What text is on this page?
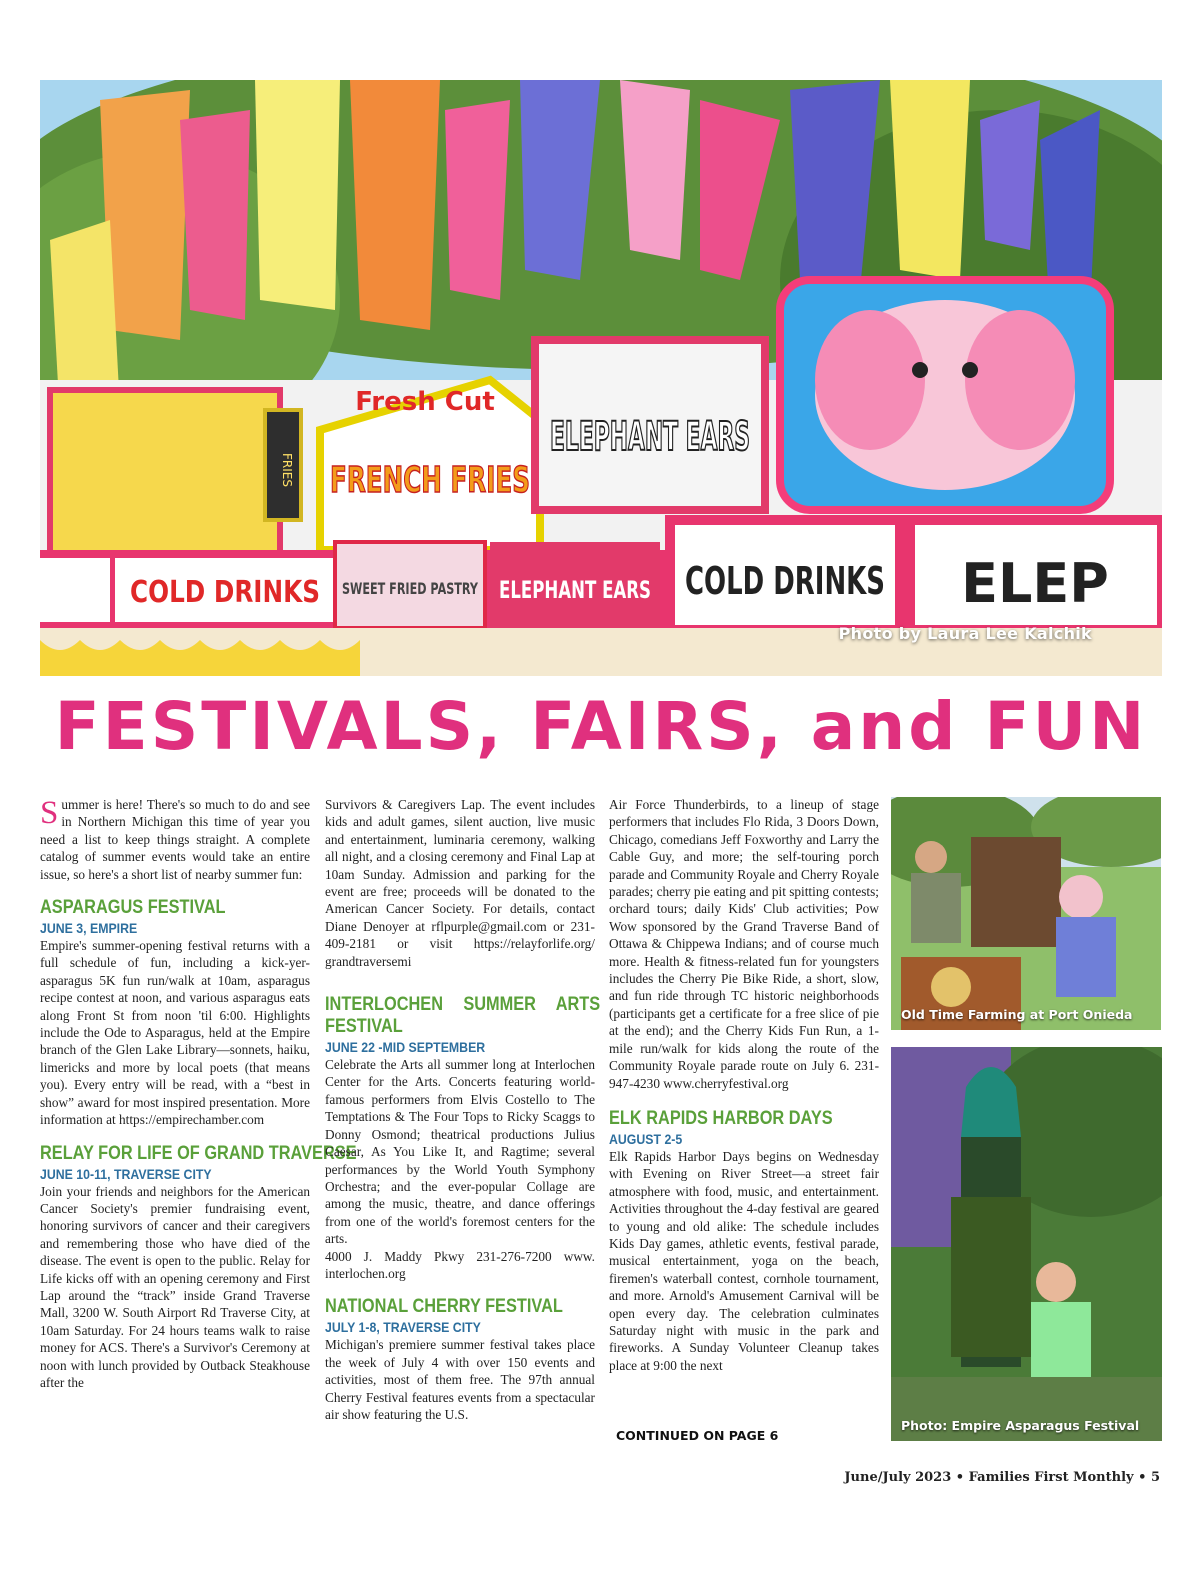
Fresh Cut
FRENCH FRIES
FRIES
ELEPHANT EARS
COLD DRINKS SWEET FRIED PASTRY ELEPHANT EARS COLD DRINKS ELEP
Photo by Laura Lee Kalchik
FESTIVALS, FAIRS, and FUN

Summer is here! There's so much to do and see in Northern Michigan this time of year you need a list to keep things straight. A complete catalog of summer events would take an entire issue, so here's a short list of nearby summer fun:

ASPARAGUS FESTIVAL
JUNE 3, EMPIRE

Empire's summer-opening festival returns with a full schedule of fun, including a kick-yer-asparagus 5K fun run/walk at 10am, asparagus recipe contest at noon, and various asparagus eats along Front St from noon 'til 6:00. Highlights include the Ode to Asparagus, held at the Empire branch of the Glen Lake Library—sonnets, haiku, limericks and more by local poets (that means you). Every entry will be read, with a “best in show” award for most inspired presentation. More information at https://empirechamber.com

RELAY FOR LIFE OF GRAND TRAVERSE
JUNE 10-11, TRAVERSE CITY

Join your friends and neighbors for the American Cancer Society's premier fundraising event, honoring survivors of cancer and their caregivers and remembering those who have died of the disease. The event is open to the public. Relay for Life kicks off with an opening ceremony and First Lap around the “track” inside Grand Traverse Mall, 3200 W. South Airport Rd Traverse City, at 10am Saturday. For 24 hours teams walk to raise money for ACS. There's a Survivor's Ceremony at noon with lunch provided by Outback Steakhouse after the

Survivors & Caregivers Lap. The event includes kids and adult games, silent auction, live music and entertainment, luminaria ceremony, walking all night, and a closing ceremony and Final Lap at 10am Sunday. Admission and parking for the event are free; proceeds will be donated to the American Cancer Society. For details, contact Diane Denoyer at rflpurple@gmail.com or 231-409-2181 or visit https://relayforlife.org/ grandtraversemi

INTERLOCHEN SUMMER ARTS FESTIVAL
JUNE 22 -MID SEPTEMBER

Celebrate the Arts all summer long at Interlochen Center for the Arts. Concerts featuring world-famous performers from Elvis Costello to The Temptations & The Four Tops to Ricky Scaggs to Donny Osmond; theatrical productions Julius Caesar, As You Like It, and Ragtime; several performances by the World Youth Symphony Orchestra; and the ever-popular Collage are among the music, theatre, and dance offerings from one of the world's foremost centers for the arts.

4000 J. Maddy Pkwy 231-276-7200 www. interlochen.org

NATIONAL CHERRY FESTIVAL
JULY 1-8, TRAVERSE CITY

Michigan's premiere summer festival takes place the week of July 4 with over 150 events and activities, most of them free. The 97th annual Cherry Festival features events from a spectacular air show featuring the U.S.

Air Force Thunderbirds, to a lineup of stage performers that includes Flo Rida, 3 Doors Down, Chicago, comedians Jeff Foxworthy and Larry the Cable Guy, and more; the self-touring porch parade and Community Royale and Cherry Royale parades; cherry pie eating and pit spitting contests; orchard tours; daily Kids' Club activities; Pow Wow sponsored by the Grand Traverse Band of Ottawa & Chippewa Indians; and of course much more. Health & fitness-related fun for youngsters includes the Cherry Pie Bike Ride, a short, slow, and fun ride through TC historic neighborhoods (participants get a certificate for a free slice of pie at the end); and the Cherry Kids Fun Run, a 1-mile run/walk for kids along the route of the Community Royale parade route on July 6. 231-947-4230 www.cherryfestival.org

ELK RAPIDS HARBOR DAYS
AUGUST 2-5

Elk Rapids Harbor Days begins on Wednesday with Evening on River Street—a street fair atmosphere with food, music, and entertainment. Activities throughout the 4-day festival are geared to young and old alike: The schedule includes Kids Day games, athletic events, festival parade, musical entertainment, yoga on the beach, firemen's waterball contest, cornhole tournament, and more. Arnold's Amusement Carnival will be open every day. The celebration culminates Saturday night with music in the park and fireworks. A Sunday Volunteer Cleanup takes place at 9:00 the next

CONTINUED ON PAGE 6
Old Time Farming at Port Onieda
Photo: Empire Asparagus Festival
June/July 2023 • Families First Monthly • 5
